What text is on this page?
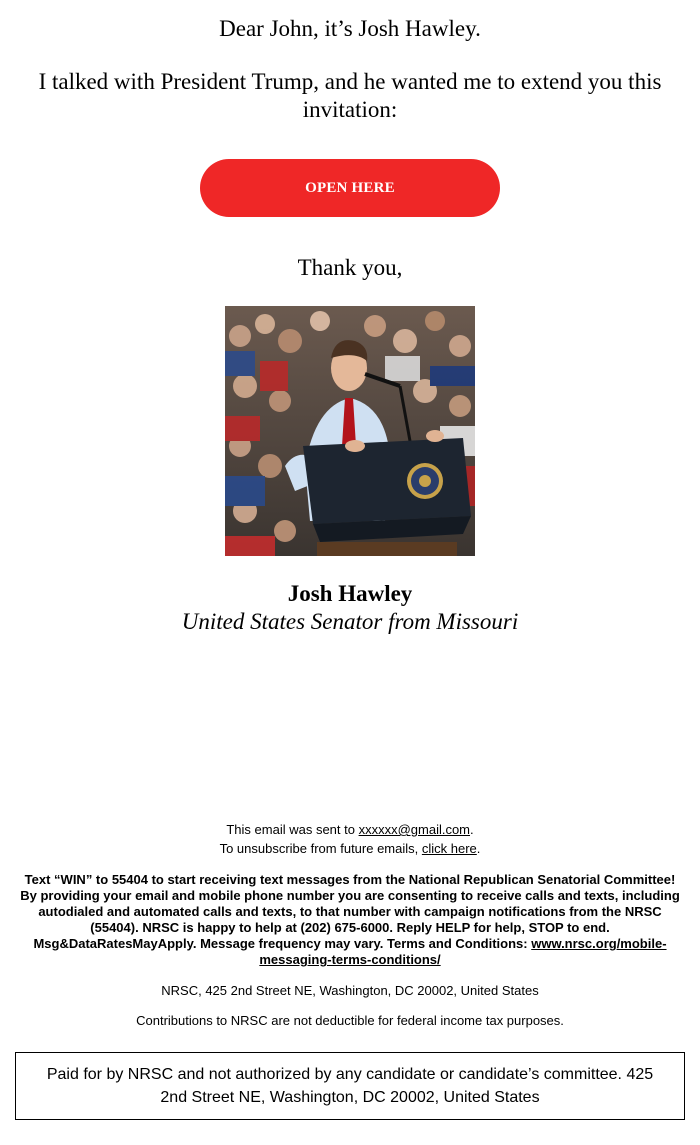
Dear John, it’s Josh Hawley.
I talked with President Trump, and he wanted me to extend you this invitation:
OPEN HERE
Thank you,
Josh Hawley
United States Senator from Missouri
This email was sent to xxxxxx@gmail.com.
To unsubscribe from future emails, click here.
Text “WIN” to 55404 to start receiving text messages from the National Republican Senatorial Committee! By providing your email and mobile phone number you are consenting to receive calls and texts, including autodialed and automated calls and texts, to that number with campaign notifications from the NRSC (55404). NRSC is happy to help at (202) 675-6000. Reply HELP for help, STOP to end. Msg&DataRatesMayApply. Message frequency may vary. Terms and Conditions: www.nrsc.org/mobile-messaging-terms-conditions/
NRSC, 425 2nd Street NE, Washington, DC 20002, United States
Contributions to NRSC are not deductible for federal income tax purposes.
Paid for by NRSC and not authorized by any candidate or candidate’s committee. 425 2nd Street NE, Washington, DC 20002, United States
